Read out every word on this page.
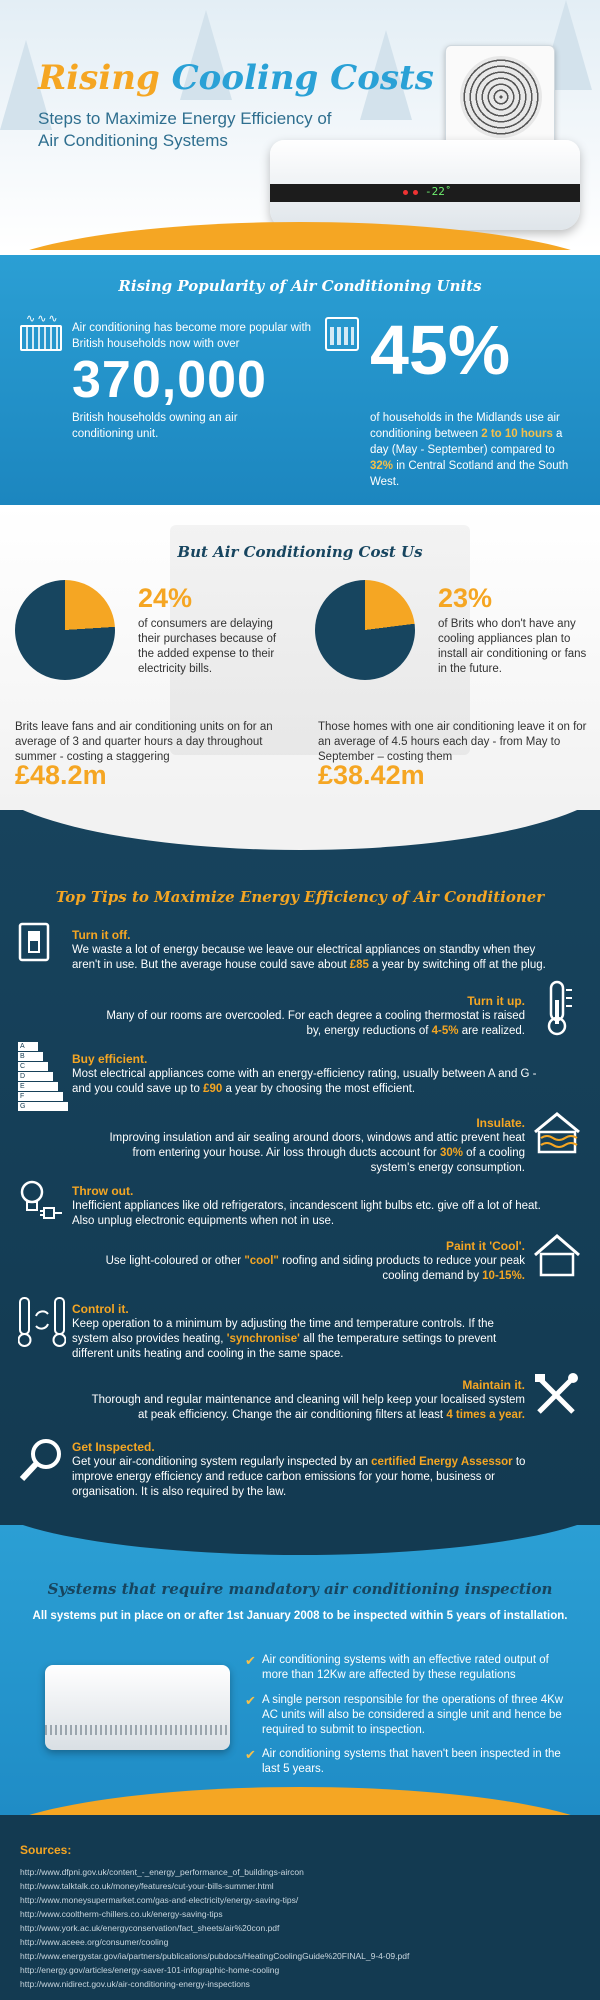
Rising Cooling Costs
Steps to Maximize Energy Efficiency of Air Conditioning Systems
-22˚
Rising Popularity of Air Conditioning Units
∿∿∿
Air conditioning has become more popular with British households now with over
370,000
British households owning an air conditioning unit.
45%
of households in the Midlands use air conditioning between 2 to 10 hours a day (May - September) compared to 32% in Central Scotland and the South West.
But Air Conditioning Cost Us
24%
of consumers are delaying their purchases because of the added expense to their electricity bills.
23%
of Brits who don't have any cooling appliances plan to install air conditioning or fans in the future.
Brits leave fans and air conditioning units on for an average of 3 and quarter hours a day throughout summer - costing a staggering
£48.2m
Those homes with one air conditioning leave it on for an average of 4.5 hours each day - from May to September – costing them
£38.42m
Top Tips to Maximize Energy Efficiency of Air Conditioner
Turn it off.
We waste a lot of energy because we leave our electrical appliances on standby when they aren't in use. But the average house could save about £85 a year by switching off at the plug.
Turn it up.
Many of our rooms are overcooled. For each degree a cooling thermostat is raised by, energy reductions of 4-5% are realized.
A
B
C
D
E
F
G
Buy efficient.
Most electrical appliances come with an energy-efficiency rating, usually between A and G - and you could save up to £90 a year by choosing the most efficient.
Insulate.
Improving insulation and air sealing around doors, windows and attic prevent heat from entering your house. Air loss through ducts account for 30% of a cooling system's energy consumption.
Throw out.
Inefficient appliances like old refrigerators, incandescent light bulbs etc. give off a lot of heat. Also unplug electronic equipments when not in use.
Paint it 'Cool'.
Use light-coloured or other "cool" roofing and siding products to reduce your peak cooling demand by 10-15%.
Control it.
Keep operation to a minimum by adjusting the time and temperature controls. If the system also provides heating, 'synchronise' all the temperature settings to prevent different units heating and cooling in the same space.
Maintain it.
Thorough and regular maintenance and cleaning will help keep your localised system at peak efficiency. Change the air conditioning filters at least 4 times a year.
Get Inspected.
Get your air-conditioning system regularly inspected by an certified Energy Assessor to improve energy efficiency and reduce carbon emissions for your home, business or organisation. It is also required by the law.
Systems that require mandatory air conditioning inspection
All systems put in place on or after 1st January 2008 to be inspected within 5 years of installation.
✔ Air conditioning systems with an effective rated output of more than 12Kw are affected by these regulations
✔ A single person responsible for the operations of three 4Kw AC units will also be considered a single unit and hence be required to submit to inspection.
✔ Air conditioning systems that haven't been inspected in the last 5 years.
Sources:
http://www.dfpni.gov.uk/content_-_energy_performance_of_buildings-aircon
http://www.talktalk.co.uk/money/features/cut-your-bills-summer.html
http://www.moneysupermarket.com/gas-and-electricity/energy-saving-tips/
http://www.cooltherm-chillers.co.uk/energy-saving-tips
http://www.york.ac.uk/energyconservation/fact_sheets/air%20con.pdf
http://www.aceee.org/consumer/cooling
http://www.energystar.gov/ia/partners/publications/pubdocs/HeatingCoolingGuide%20FINAL_9-4-09.pdf
http://energy.gov/articles/energy-saver-101-infographic-home-cooling
http://www.nidirect.gov.uk/air-conditioning-energy-inspections
